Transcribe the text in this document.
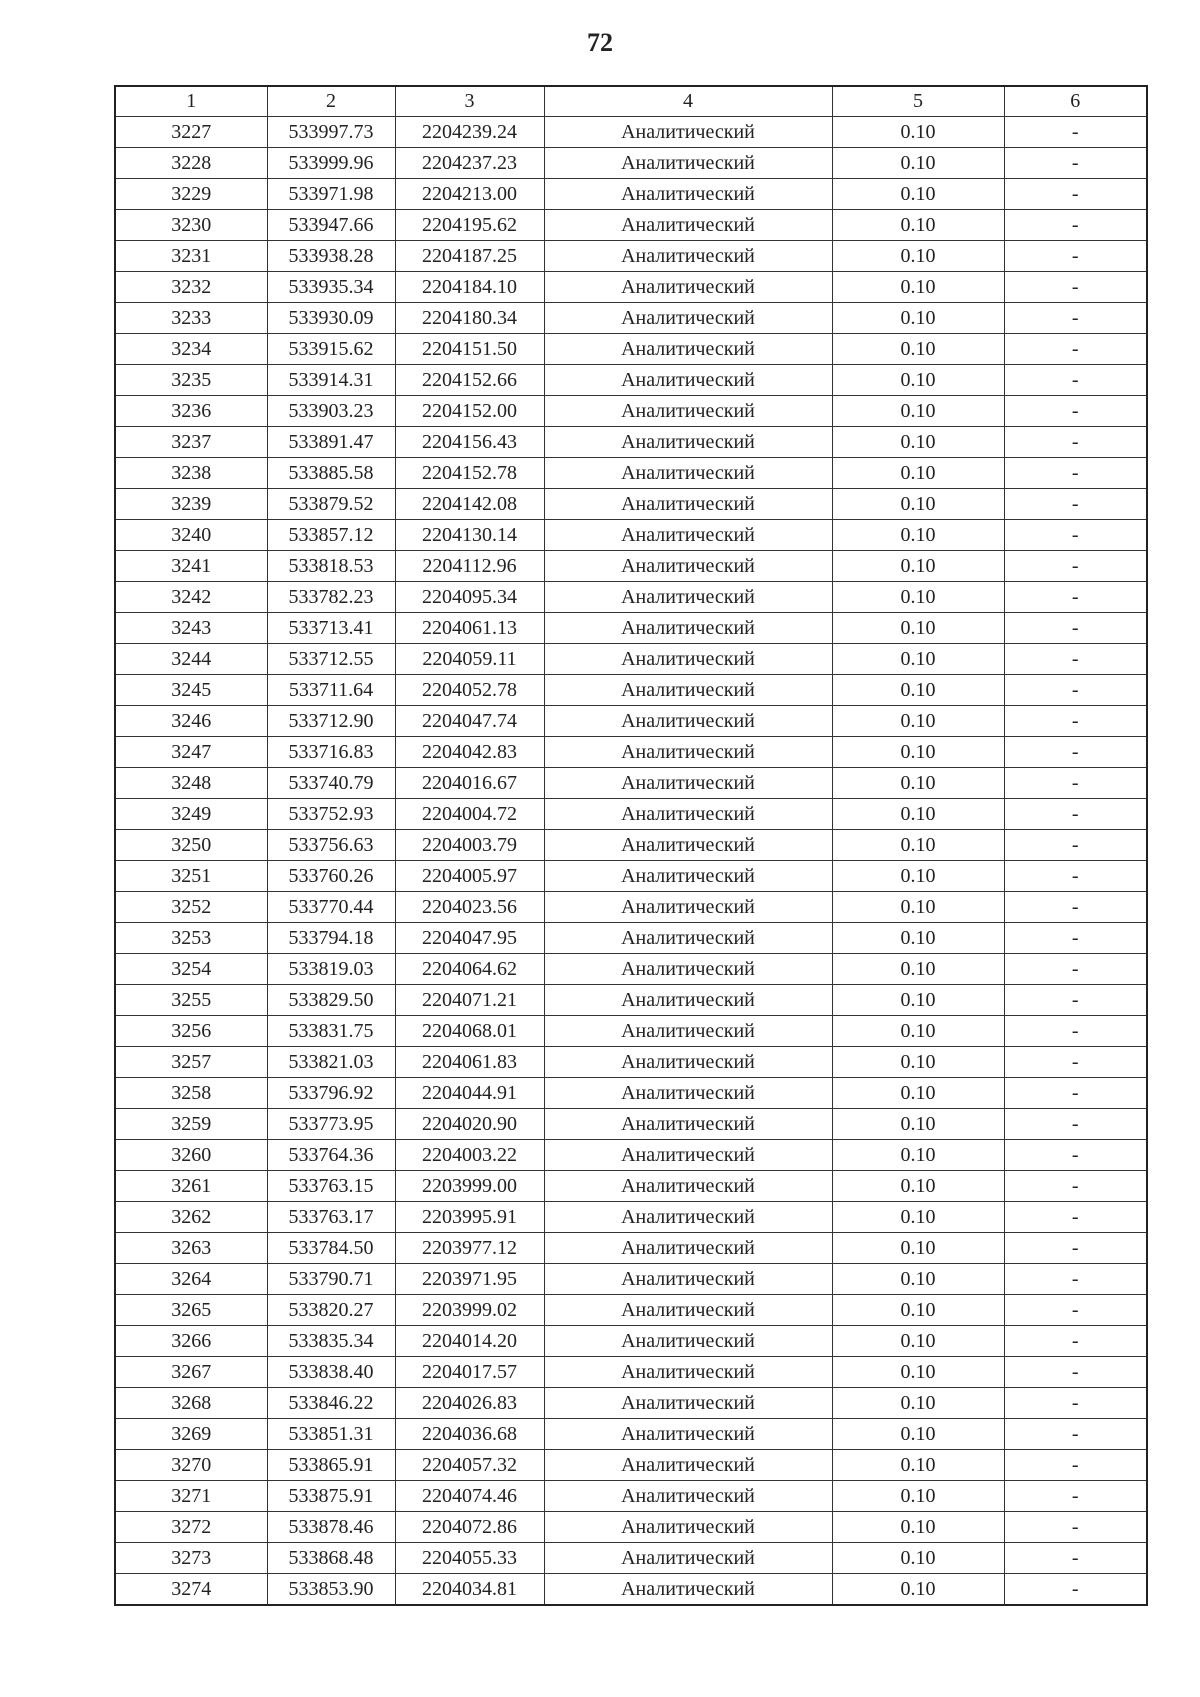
72
1	2	3	4	5	6
3227	533997.73	2204239.24	Аналитический	0.10	-
3228	533999.96	2204237.23	Аналитический	0.10	-
3229	533971.98	2204213.00	Аналитический	0.10	-
3230	533947.66	2204195.62	Аналитический	0.10	-
3231	533938.28	2204187.25	Аналитический	0.10	-
3232	533935.34	2204184.10	Аналитический	0.10	-
3233	533930.09	2204180.34	Аналитический	0.10	-
3234	533915.62	2204151.50	Аналитический	0.10	-
3235	533914.31	2204152.66	Аналитический	0.10	-
3236	533903.23	2204152.00	Аналитический	0.10	-
3237	533891.47	2204156.43	Аналитический	0.10	-
3238	533885.58	2204152.78	Аналитический	0.10	-
3239	533879.52	2204142.08	Аналитический	0.10	-
3240	533857.12	2204130.14	Аналитический	0.10	-
3241	533818.53	2204112.96	Аналитический	0.10	-
3242	533782.23	2204095.34	Аналитический	0.10	-
3243	533713.41	2204061.13	Аналитический	0.10	-
3244	533712.55	2204059.11	Аналитический	0.10	-
3245	533711.64	2204052.78	Аналитический	0.10	-
3246	533712.90	2204047.74	Аналитический	0.10	-
3247	533716.83	2204042.83	Аналитический	0.10	-
3248	533740.79	2204016.67	Аналитический	0.10	-
3249	533752.93	2204004.72	Аналитический	0.10	-
3250	533756.63	2204003.79	Аналитический	0.10	-
3251	533760.26	2204005.97	Аналитический	0.10	-
3252	533770.44	2204023.56	Аналитический	0.10	-
3253	533794.18	2204047.95	Аналитический	0.10	-
3254	533819.03	2204064.62	Аналитический	0.10	-
3255	533829.50	2204071.21	Аналитический	0.10	-
3256	533831.75	2204068.01	Аналитический	0.10	-
3257	533821.03	2204061.83	Аналитический	0.10	-
3258	533796.92	2204044.91	Аналитический	0.10	-
3259	533773.95	2204020.90	Аналитический	0.10	-
3260	533764.36	2204003.22	Аналитический	0.10	-
3261	533763.15	2203999.00	Аналитический	0.10	-
3262	533763.17	2203995.91	Аналитический	0.10	-
3263	533784.50	2203977.12	Аналитический	0.10	-
3264	533790.71	2203971.95	Аналитический	0.10	-
3265	533820.27	2203999.02	Аналитический	0.10	-
3266	533835.34	2204014.20	Аналитический	0.10	-
3267	533838.40	2204017.57	Аналитический	0.10	-
3268	533846.22	2204026.83	Аналитический	0.10	-
3269	533851.31	2204036.68	Аналитический	0.10	-
3270	533865.91	2204057.32	Аналитический	0.10	-
3271	533875.91	2204074.46	Аналитический	0.10	-
3272	533878.46	2204072.86	Аналитический	0.10	-
3273	533868.48	2204055.33	Аналитический	0.10	-
3274	533853.90	2204034.81	Аналитический	0.10	-
